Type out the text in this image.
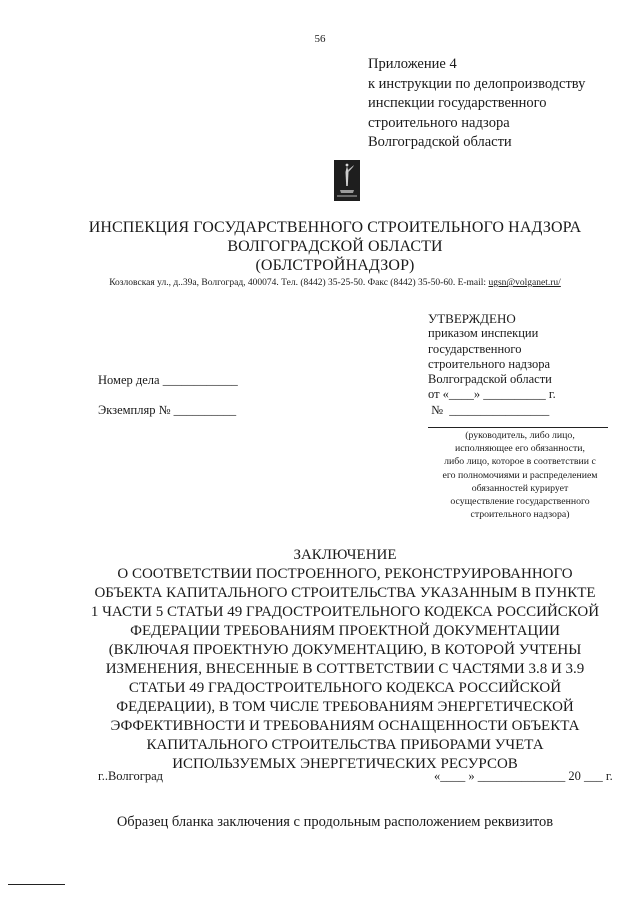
56
Приложение 4
к инструкции по делопроизводству
инспекции государственного
строительного надзора
Волгоградской области
ИНСПЕКЦИЯ ГОСУДАРСТВЕННОГО СТРОИТЕЛЬНОГО НАДЗОРА
ВОЛГОГРАДСКОЙ ОБЛАСТИ
(ОБЛСТРОЙНАДЗОР)
Козловская ул., д..39а, Волгоград, 400074. Тел. (8442) 35-25-50. Факс (8442) 35-50-60. E-mail: ugsn@volganet.ru/
Номер дела ____________
Экземпляр № __________
УТВЕРЖДЕНО
приказом инспекции
государственного
строительного надзора
Волгоградской области
от «____» __________ г.
№  ________________
(руководитель, либо лицо,
исполняющее его обязанности,
либо лицо, которое в соответствии с
его полномочиями и распределением
обязанностей курирует
осуществление государственного
строительного надзора)
ЗАКЛЮЧЕНИЕ
О СООТВЕТСТВИИ ПОСТРОЕННОГО, РЕКОНСТРУИРОВАННОГО
ОБЪЕКТА КАПИТАЛЬНОГО СТРОИТЕЛЬСТВА УКАЗАННЫМ В ПУНКТЕ
1 ЧАСТИ 5 СТАТЬИ 49 ГРАДОСТРОИТЕЛЬНОГО КОДЕКСА РОССИЙСКОЙ
ФЕДЕРАЦИИ ТРЕБОВАНИЯМ ПРОЕКТНОЙ ДОКУМЕНТАЦИИ
(ВКЛЮЧАЯ ПРОЕКТНУЮ ДОКУМЕНТАЦИЮ, В КОТОРОЙ УЧТЕНЫ
ИЗМЕНЕНИЯ, ВНЕСЕННЫЕ В СОТТВЕТСТВИИ С ЧАСТЯМИ 3.8 И 3.9
СТАТЬИ 49 ГРАДОСТРОИТЕЛЬНОГО КОДЕКСА РОССИЙСКОЙ
ФЕДЕРАЦИИ), В ТОМ ЧИСЛЕ ТРЕБОВАНИЯМ ЭНЕРГЕТИЧЕСКОЙ
ЭФФЕКТИВНОСТИ И ТРЕБОВАНИЯМ ОСНАЩЕННОСТИ ОБЪЕКТА
КАПИТАЛЬНОГО СТРОИТЕЛЬСТВА ПРИБОРАМИ УЧЕТА
ИСПОЛЬЗУЕМЫХ ЭНЕРГЕТИЧЕСКИХ РЕСУРСОВ
г..Волгоград	«____ » ______________ 20 ___ г.
Образец бланка заключения с продольным расположением реквизитов
